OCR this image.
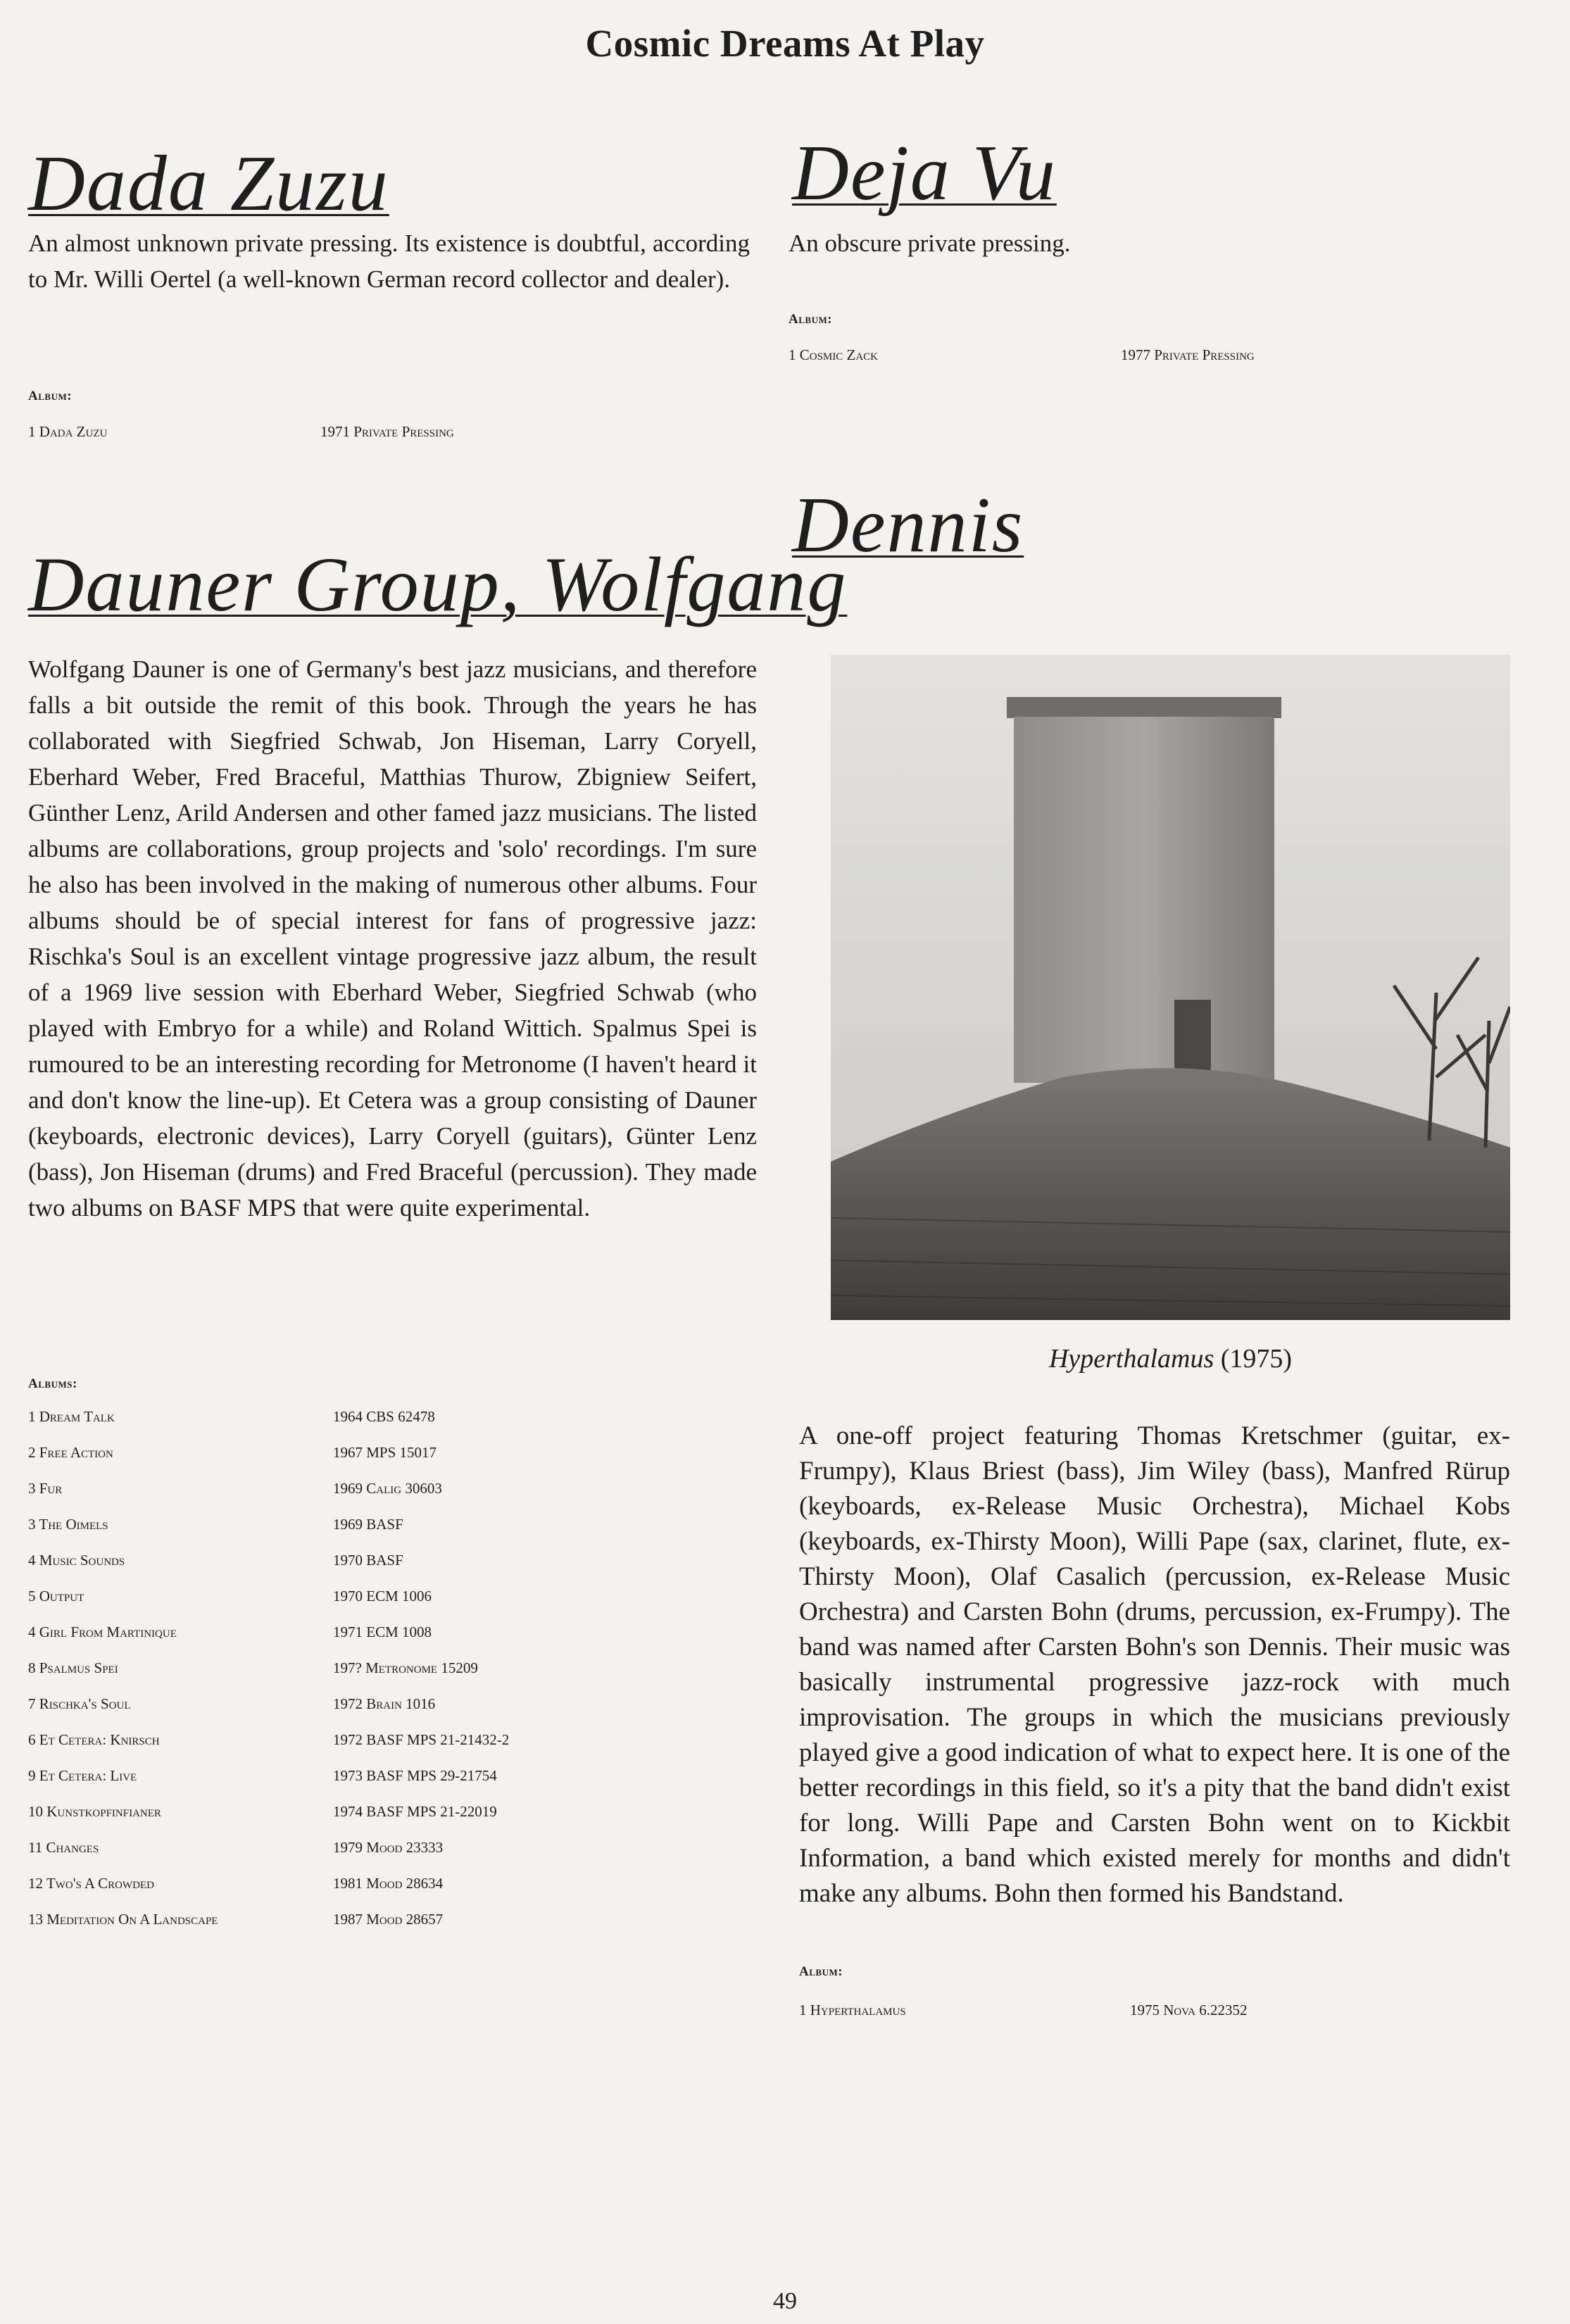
Cosmic Dreams At Play
Dada Zuzu
An almost unknown private pressing. Its existence is doubtful, according to Mr. Willi Oertel (a well-known German record collector and dealer).
Album:
1 Dada Zuzu	1971 Private Pressing
Dauner Group, Wolfgang
Wolfgang Dauner is one of Germany's best jazz musicians, and therefore falls a bit outside the remit of this book. Through the years he has collaborated with Siegfried Schwab, Jon Hiseman, Larry Coryell, Eberhard Weber, Fred Braceful, Matthias Thurow, Zbigniew Seifert, Günther Lenz, Arild Andersen and other famed jazz musicians. The listed albums are collaborations, group projects and 'solo' recordings. I'm sure he also has been involved in the making of numerous other albums. Four albums should be of special interest for fans of progressive jazz: Rischka's Soul is an excellent vintage progressive jazz album, the result of a 1969 live session with Eberhard Weber, Siegfried Schwab (who played with Embryo for a while) and Roland Wittich. Spalmus Spei is rumoured to be an interesting recording for Metronome (I haven't heard it and don't know the line-up). Et Cetera was a group consisting of Dauner (keyboards, electronic devices), Larry Coryell (guitars), Günter Lenz (bass), Jon Hiseman (drums) and Fred Braceful (percussion). They made two albums on BASF MPS that were quite experimental.
Albums:
1 Dream Talk	1964 CBS 62478
2 Free Action	1967 MPS 15017
3 Fur	1969 Calig 30603
3 The Oimels	1969 BASF
4 Music Sounds	1970 BASF
5 Output	1970 ECM 1006
4 Girl From Martinique	1971 ECM 1008
8 Psalmus Spei	197? Metronome 15209
7 Rischka's Soul	1972 Brain 1016
6 Et Cetera: Knirsch	1972 BASF MPS 21-21432-2
9 Et Cetera: Live	1973 BASF MPS 29-21754
10 Kunstkopfinfianer	1974 BASF MPS 21-22019
11 Changes	1979 Mood 23333
12 Two's A Crowded	1981 Mood 28634
13 Meditation On A Landscape	1987 Mood 28657
Deja Vu
An obscure private pressing.
Album:
1 Cosmic Zack	1977 Private Pressing
Dennis
Hyperthalamus (1975)
A one-off project featuring Thomas Kretschmer (guitar, ex-Frumpy), Klaus Briest (bass), Jim Wiley (bass), Manfred Rürup (keyboards, ex-Release Music Orchestra), Michael Kobs (keyboards, ex-Thirsty Moon), Willi Pape (sax, clarinet, flute, ex-Thirsty Moon), Olaf Casalich (percussion, ex-Release Music Orchestra) and Carsten Bohn (drums, percussion, ex-Frumpy). The band was named after Carsten Bohn's son Dennis. Their music was basically instrumental progressive jazz-rock with much improvisation. The groups in which the musicians previously played give a good indication of what to expect here. It is one of the better recordings in this field, so it's a pity that the band didn't exist for long. Willi Pape and Carsten Bohn went on to Kickbit Information, a band which existed merely for months and didn't make any albums. Bohn then formed his Bandstand.
Album:
1 Hyperthalamus	1975 Nova 6.22352
49
